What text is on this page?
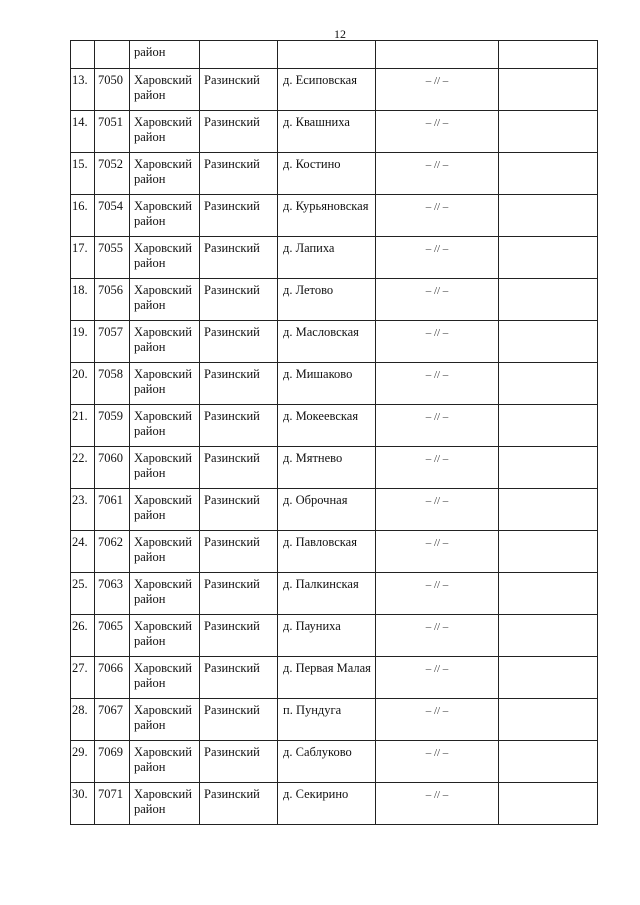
12

		район				

13.	7050	Харовский район	Разинский	д. Есиповская	– // –	

14.	7051	Харовский район	Разинский	д. Квашниха	– // –	

15.	7052	Харовский район	Разинский	д. Костино	– // –	

16.	7054	Харовский район	Разинский	д. Курьяновская	– // –	

17.	7055	Харовский район	Разинский	д. Лапиха	– // –	

18.	7056	Харовский район	Разинский	д. Летово	– // –	

19.	7057	Харовский район	Разинский	д. Масловская	– // –	

20.	7058	Харовский район	Разинский	д. Мишаково	– // –	

21.	7059	Харовский район	Разинский	д. Мокеевская	– // –	

22.	7060	Харовский район	Разинский	д. Мятнево	– // –	

23.	7061	Харовский район	Разинский	д. Оброчная	– // –	

24.	7062	Харовский район	Разинский	д. Павловская	– // –	

25.	7063	Харовский район	Разинский	д. Палкинская	– // –	

26.	7065	Харовский район	Разинский	д. Пауниха	– // –	

27.	7066	Харовский район	Разинский	д. Первая Малая	– // –	

28.	7067	Харовский район	Разинский	п. Пундуга	– // –	

29.	7069	Харовский район	Разинский	д. Саблуково	– // –	

30.	7071	Харовский район	Разинский	д. Секирино	– // –	
